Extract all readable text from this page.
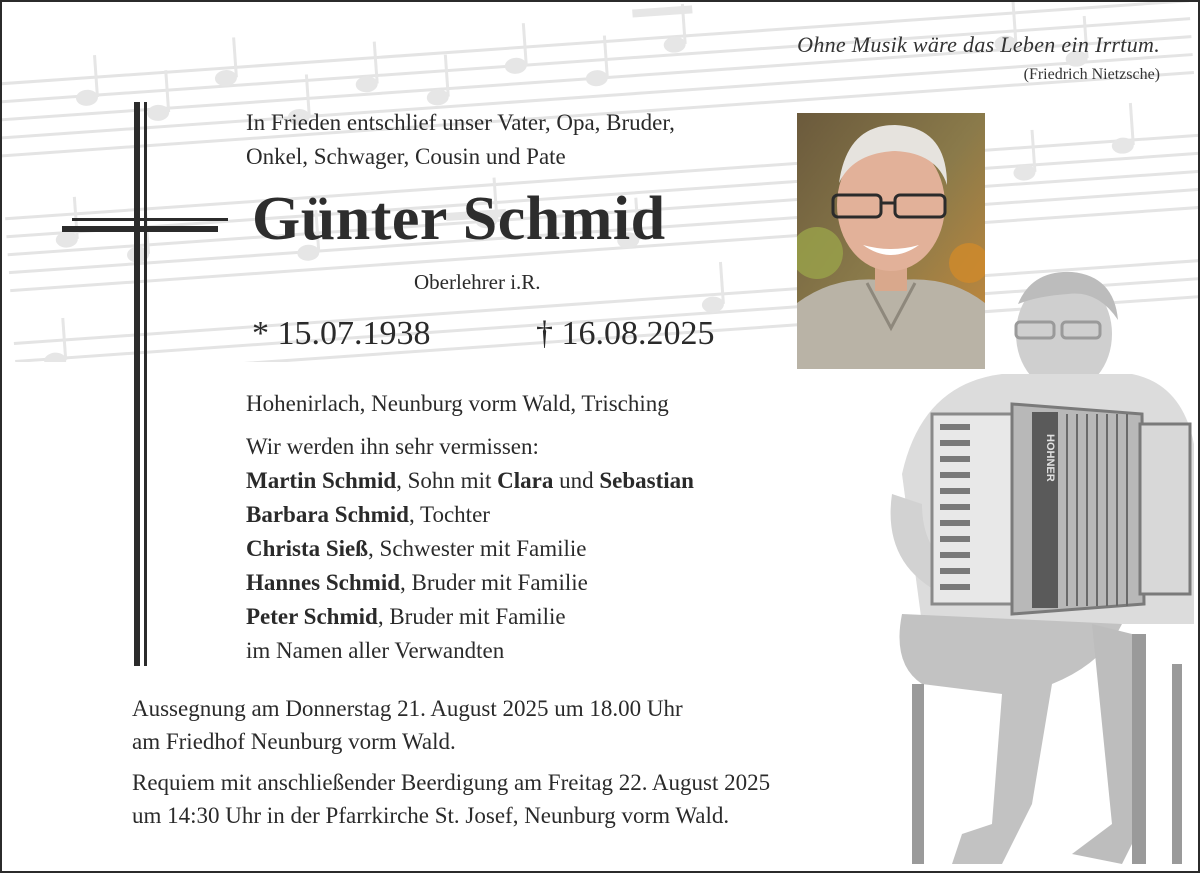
Ohne Musik wäre das Leben ein Irrtum.
(Friedrich Nietzsche)
In Frieden entschlief unser Vater, Opa, Bruder,
Onkel, Schwager, Cousin und Pate
Günter Schmid
Oberlehrer i.R.
* 15.07.1938	† 16.08.2025
Hohenirlach, Neunburg vorm Wald, Trisching
Wir werden ihn sehr vermissen:
Martin Schmid, Sohn mit Clara und Sebastian
Barbara Schmid, Tochter
Christa Sieß, Schwester mit Familie
Hannes Schmid, Bruder mit Familie
Peter Schmid, Bruder mit Familie
im Namen aller Verwandten
Aussegnung am Donnerstag 21. August 2025 um 18.00 Uhr
am Friedhof Neunburg vorm Wald.
Requiem mit anschließender Beerdigung am Freitag 22. August 2025
um 14:30 Uhr in der Pfarrkirche St. Josef, Neunburg vorm Wald.
HOHNER
